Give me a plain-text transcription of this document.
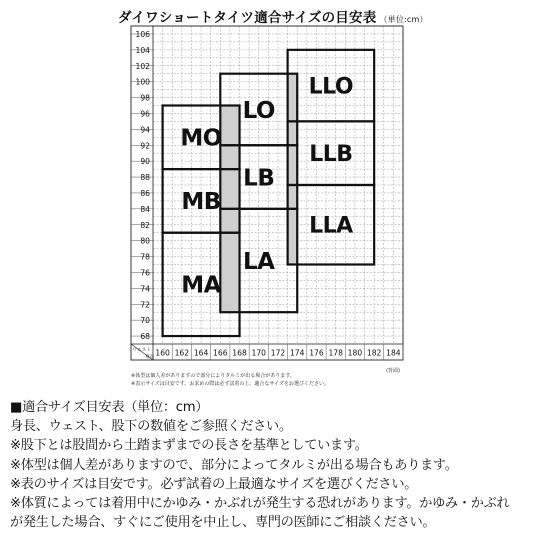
ダイワショートタイツ適合サイズの目安表 （単位:cm）
ウエスト
身長
106
104
102
100
98
96
94
92
90
88
86
84
82
80
78
76
74
72
70
68
160 162 164 166 168 170 172 174 176 178 180 182 184
MO
MB
MA
LO
LB
LA
LLO
LLB
LLA
(背面)
※体型は個人差がありますので部分によりタルミが出る場合があります。
※表示サイズは目安です。お求めの際は必ず試着の上、適合なサイズをお選びください。

■適合サイズ目安表（単位：cm）

身長、ウェスト、股下の数値をご参照ください。

※股下とは股間から土踏まずまでの長さを基準としています。

※体型は個人差がありますので、部分によってタルミが出る場合もあります。

※表のサイズは目安です。必ず試着の上最適なサイズを選びください。

※体質によっては着用中にかゆみ・かぶれが発生する恐れがあります。かゆみ・かぶれ

が発生した場合、すぐにご使用を中止し、専門の医師にご相談ください。
